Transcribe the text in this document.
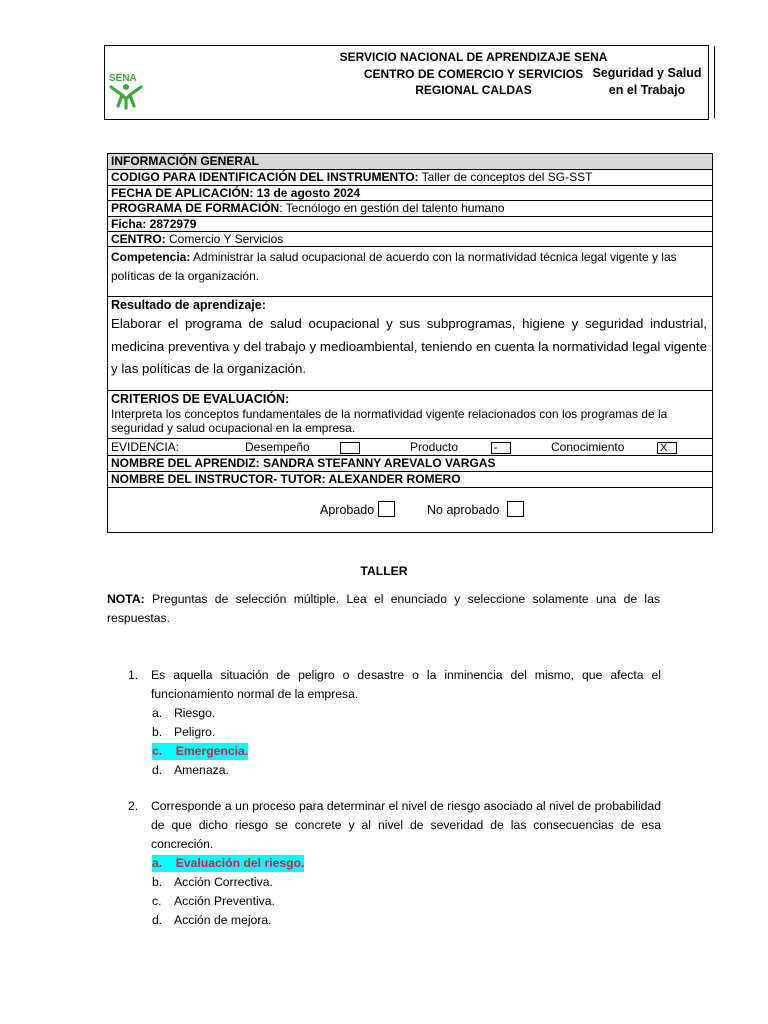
SENA
SERVICIO NACIONAL DE APRENDIZAJE SENA
CENTRO DE COMERCIO Y SERVICIOS
REGIONAL CALDAS
Seguridad y Salud
en el Trabajo
INFORMACIÓN GENERAL
CODIGO PARA IDENTIFICACIÓN DEL INSTRUMENTO: Taller de conceptos del SG-SST
FECHA DE APLICACIÓN: 13 de agosto 2024
PROGRAMA DE FORMACIÓN: Tecnólogo en gestión del talento humano
Ficha: 2872979
CENTRO: Comercio Y Servicios
Competencia: Administrar la salud ocupacional de acuerdo con la normatividad técnica legal vigente y las políticas de la organización.
Resultado de aprendizaje:
Elaborar el programa de salud ocupacional y sus subprogramas, higiene y seguridad industrial, medicina preventiva y del trabajo y medioambiental, teniendo en cuenta la normatividad legal vigente y las políticas de la organización.
CRITERIOS DE EVALUACIÓN:
Interpreta los conceptos fundamentales de la normatividad vigente relacionados con los programas de la seguridad y salud ocupacional en la empresa.
EVIDENCIA:	Desempeño	Producto	-	Conocimiento	X
NOMBRE DEL APRENDIZ: SANDRA STEFANNY AREVALO VARGAS
NOMBRE DEL INSTRUCTOR- TUTOR: ALEXANDER ROMERO
Aprobado	No aprobado
TALLER
NOTA: Preguntas de selección múltiple. Lea el enunciado y seleccione solamente una de las respuestas.
1. Es aquella situación de peligro o desastre o la inminencia del mismo, que afecta el funcionamiento normal de la empresa.
a. Riesgo.
b. Peligro.
c. Emergencia.
d. Amenaza.
2. Corresponde a un proceso para determinar el nivel de riesgo asociado al nivel de probabilidad de que dicho riesgo se concrete y al nivel de severidad de las consecuencias de esa concreción.
a. Evaluación del riesgo.
b. Acción Correctiva.
c. Acción Preventiva.
d. Acción de mejora.
